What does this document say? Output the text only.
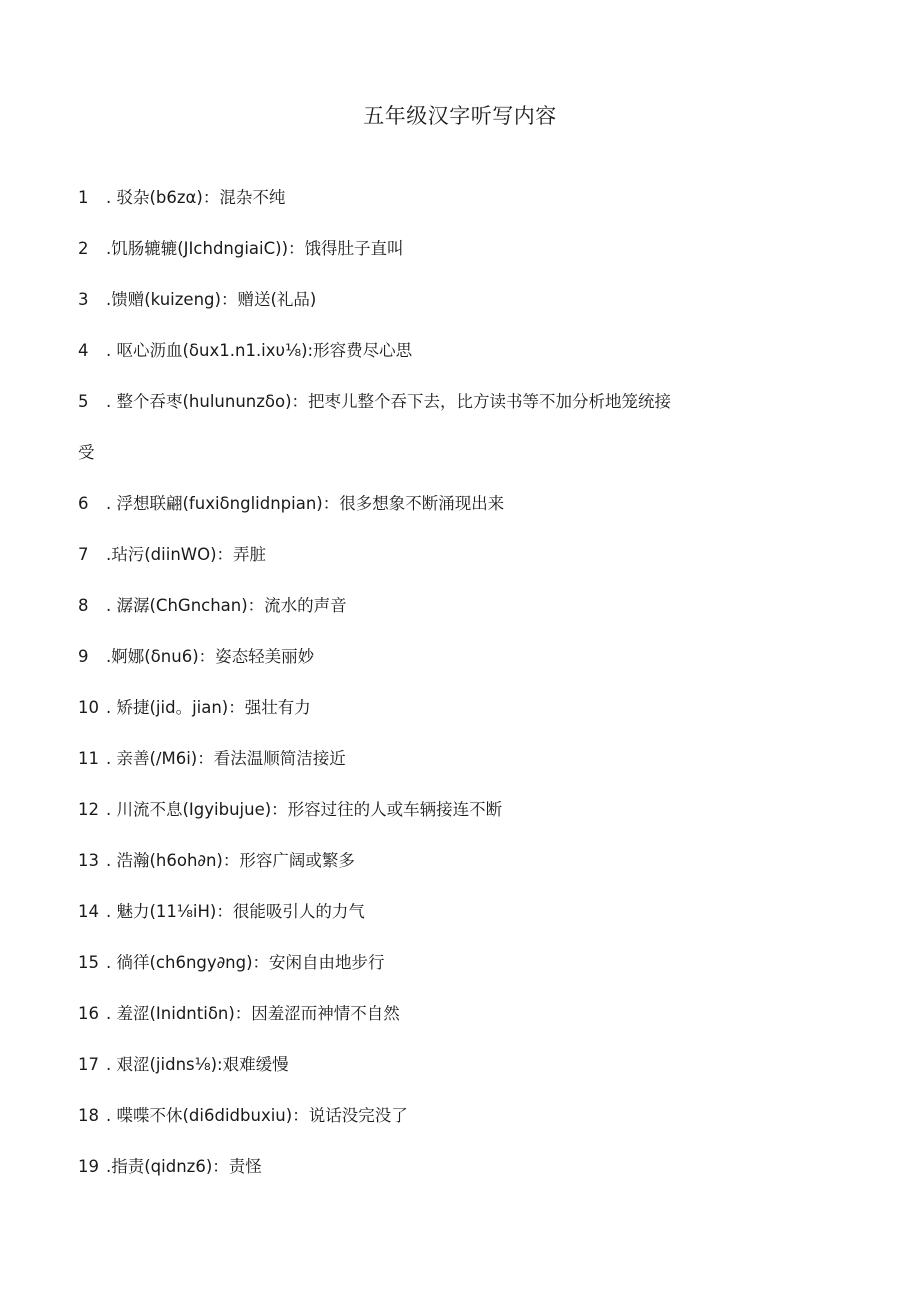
五年级汉字听写内容
1 . 驳杂(b6zα)：混杂不纯
2 .饥肠辘辘(JIchdngiaiC))：饿得肚子直叫
3 .馈赠(kuizeng)：赠送(礼品)
4 . 呕心沥血(δux1.n1.ixυ⅛):形容费尽心思
5 . 整个吞枣(hulununzδo)：把枣儿整个吞下去，比方读书等不加分析地笼统接
受
6 . 浮想联翩(fuxiδnglidnpian)：很多想象不断涌现出来
7 .玷污(diinWO)：弄脏
8 . 潺潺(ChGnchan)：流水的声音
9 .婀娜(δnu6)：姿态轻美丽妙
10 . 矫捷(jid。jian)：强壮有力
11 . 亲善(∕M6i)：看法温顺简洁接近
12 . 川流不息(Igyibujue)：形容过往的人或车辆接连不断
13 . 浩瀚(h6oh∂n)：形容广阔或繁多
14 . 魅力(11⅛iH)：很能吸引人的力气
15 . 徜徉(ch6ngy∂ng)：安闲自由地步行
16 . 羞涩(Inidntiδn)：因羞涩而神情不自然
17 . 艰涩(jidns⅛):艰难缓慢
18 . 喋喋不休(di6didbuxiu)：说话没完没了
19 .指责(qidnz6)：责怪
